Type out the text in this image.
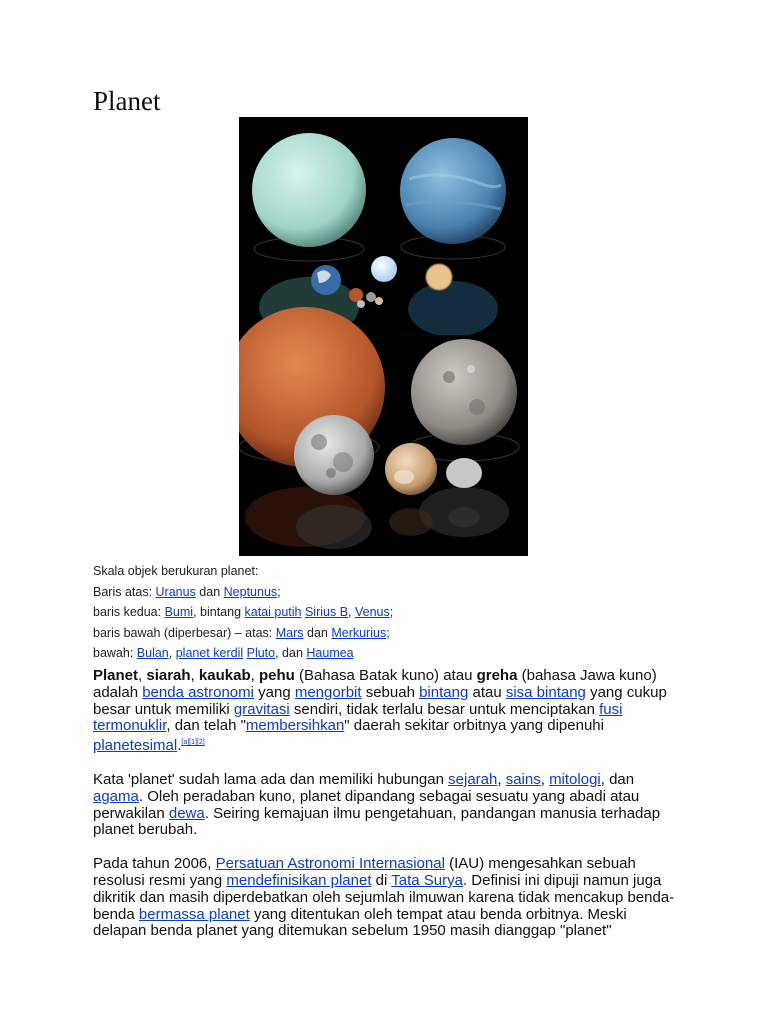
Planet
Skala objek berukuran planet:
Baris atas: Uranus dan Neptunus;
baris kedua: Bumi, bintang katai putih Sirius B, Venus;
baris bawah (diperbesar) – atas: Mars dan Merkurius;
bawah: Bulan, planet kerdil Pluto, dan Haumea

Planet, siarah, kaukab, pehu (Bahasa Batak kuno) atau greha (bahasa Jawa kuno) adalah benda astronomi yang mengorbit sebuah bintang atau sisa bintang yang cukup besar untuk memiliki gravitasi sendiri, tidak terlalu besar untuk menciptakan fusi termonuklir, dan telah "membersihkan" daerah sekitar orbitnya yang dipenuhi planetesimal.[a][1][2]

Kata 'planet' sudah lama ada dan memiliki hubungan sejarah, sains, mitologi, dan agama. Oleh peradaban kuno, planet dipandang sebagai sesuatu yang abadi atau perwakilan dewa. Seiring kemajuan ilmu pengetahuan, pandangan manusia terhadap planet berubah.

Pada tahun 2006, Persatuan Astronomi Internasional (IAU) mengesahkan sebuah resolusi resmi yang mendefinisikan planet di Tata Surya. Definisi ini dipuji namun juga dikritik dan masih diperdebatkan oleh sejumlah ilmuwan karena tidak mencakup benda-benda bermassa planet yang ditentukan oleh tempat atau benda orbitnya. Meski delapan benda planet yang ditemukan sebelum 1950 masih dianggap "planet"
